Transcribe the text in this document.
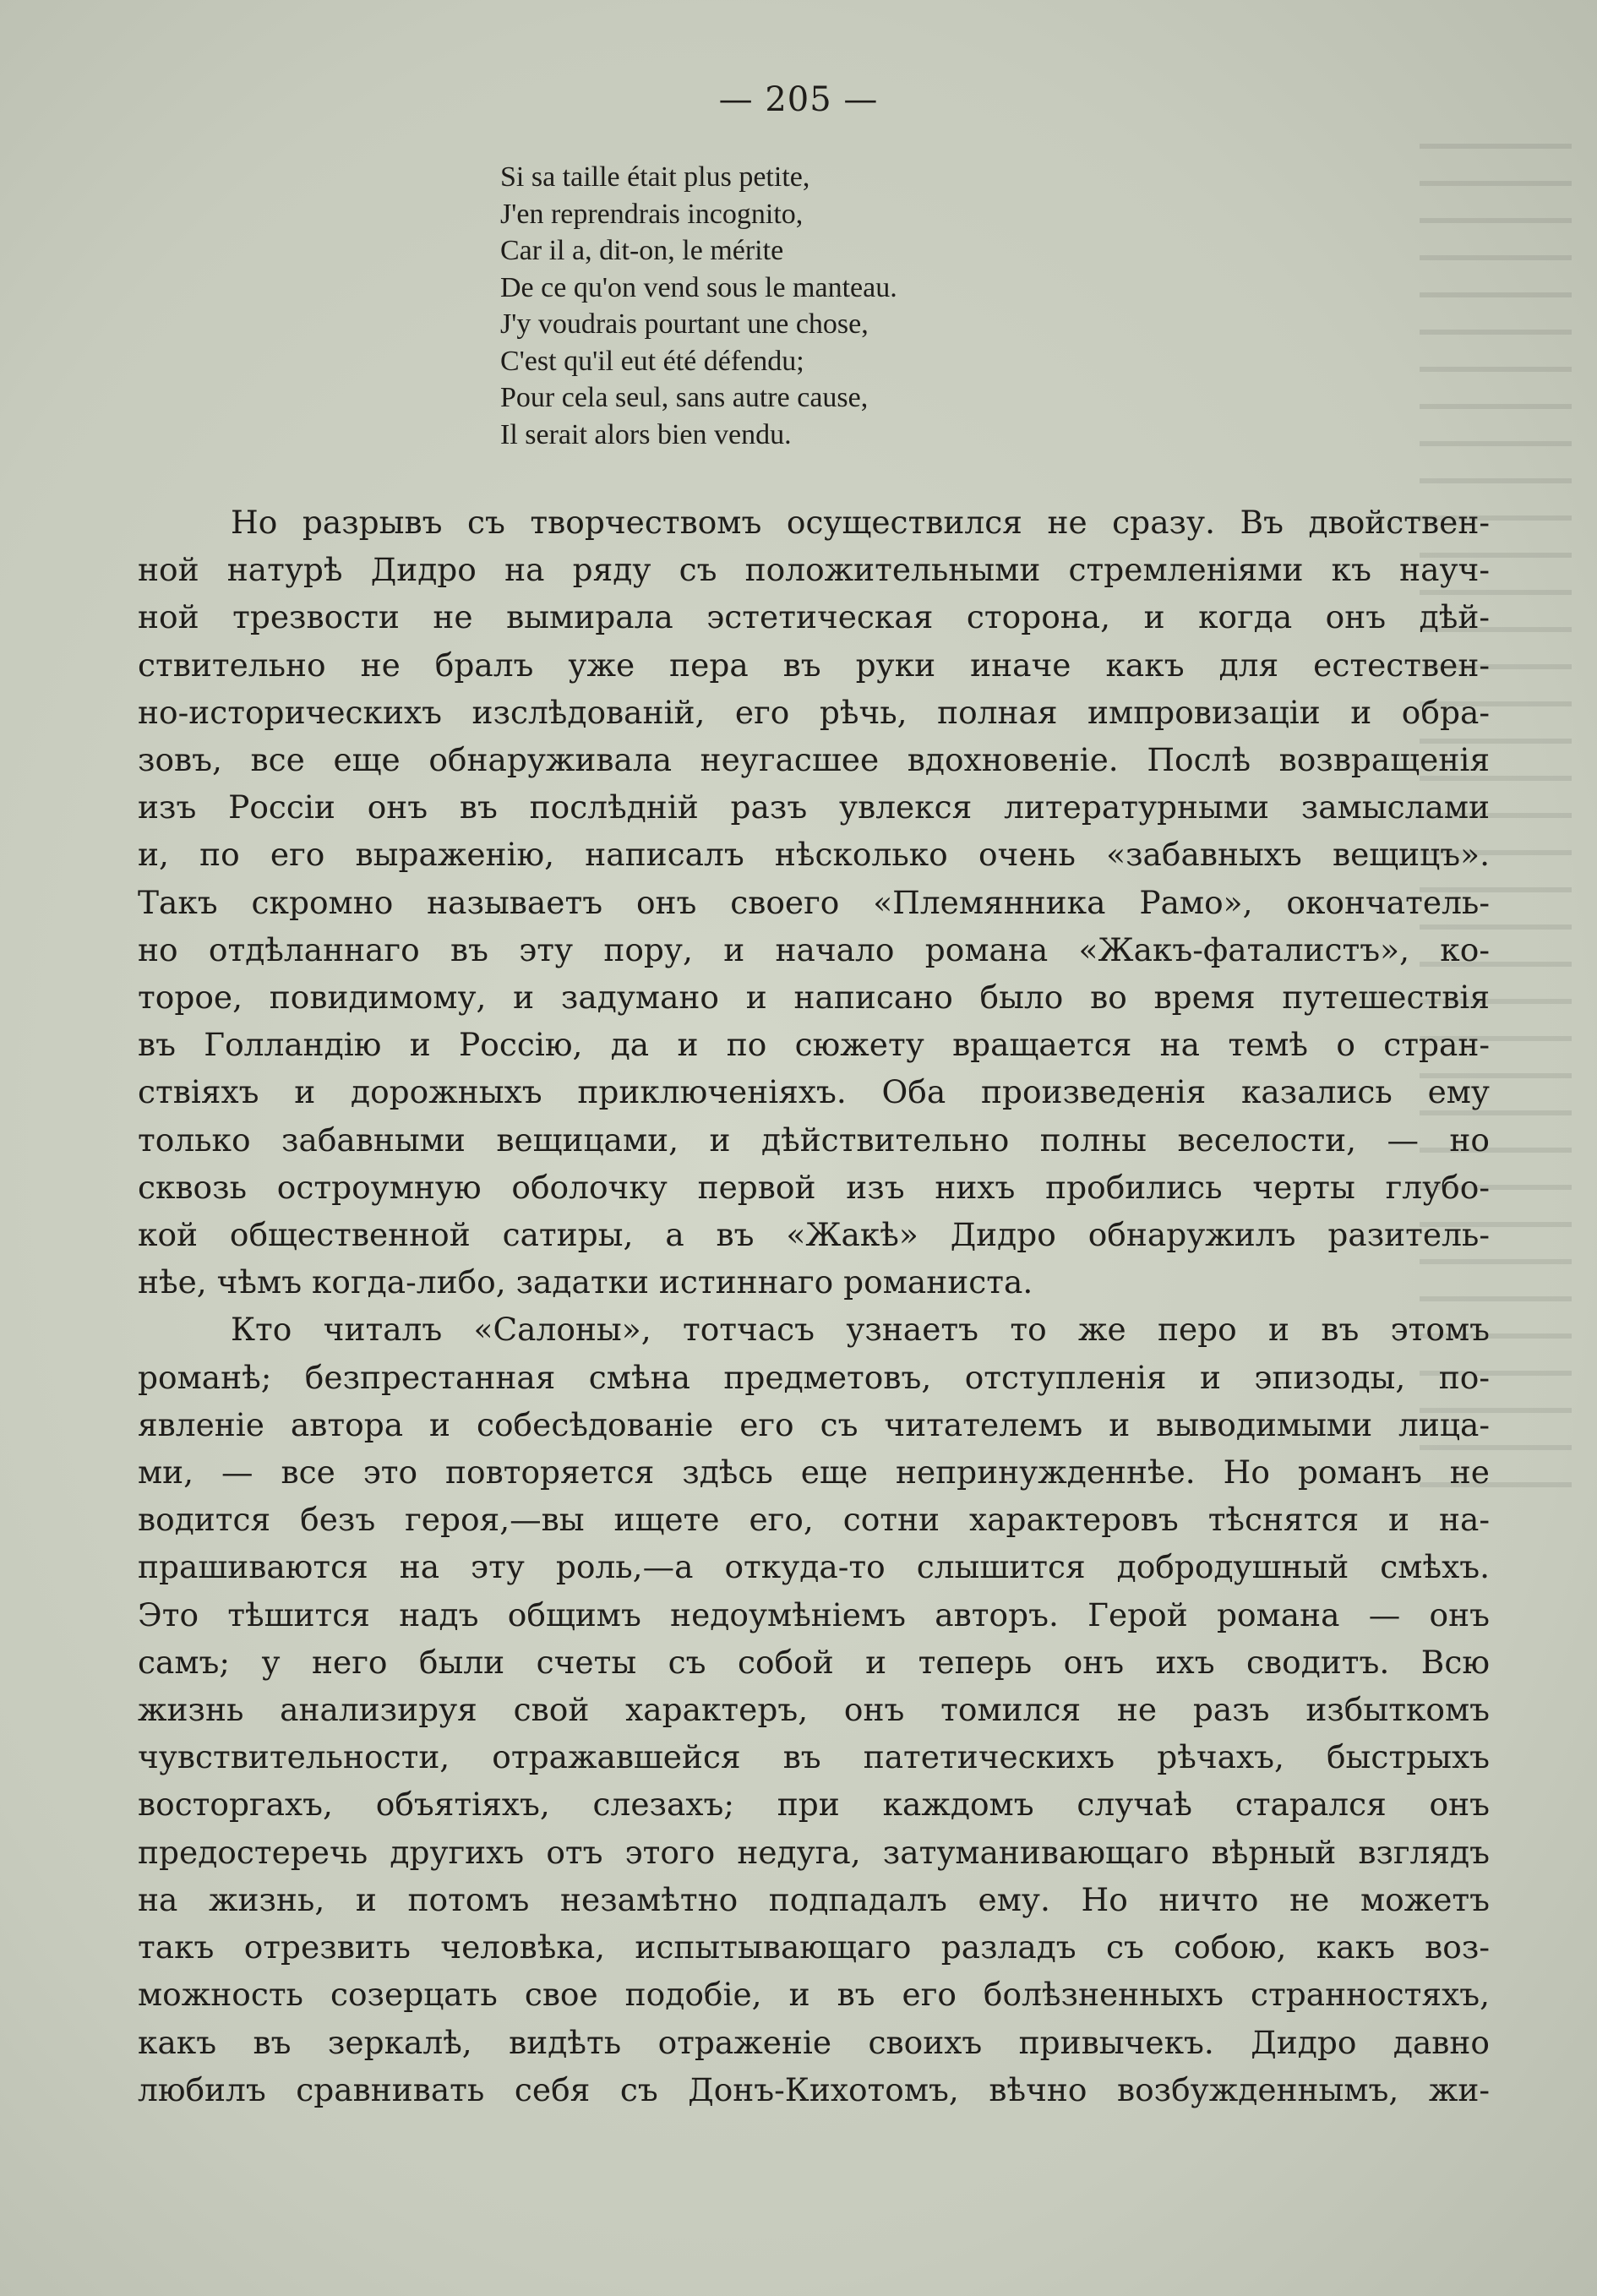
— 205 —
Si sa taille était plus petite,
J'en reprendrais incognito,
Car il a, dit-on, le mérite
De ce qu'on vend sous le manteau.
J'y voudrais pourtant une chose,
C'est qu'il eut été défendu;
Pour cela seul, sans autre cause,
Il serait alors bien vendu.
Но разрывъ съ творчествомъ осуществился не сразу. Въ двойствен-
ной натурѣ Дидро на ряду съ положительными стремленіями къ науч-
ной трезвости не вымирала эстетическая сторона, и когда онъ дѣй-
ствительно не бралъ уже пера въ руки иначе какъ для естествен-
но-историческихъ изслѣдованій, его рѣчь, полная импровизаціи и обра-
зовъ, все еще обнаруживала неугасшее вдохновеніе. Послѣ возвращенія
изъ Россіи онъ въ послѣдній разъ увлекся литературными замыслами
и, по его выраженію, написалъ нѣсколько очень «забавныхъ вещицъ».
Такъ скромно называетъ онъ своего «Племянника Рамо», окончатель-
но отдѣланнаго въ эту пору, и начало романа «Жакъ-фаталистъ», ко-
торое, повидимому, и задумано и написано было во время путешествія
въ Голландію и Россію, да и по сюжету вращается на темѣ о стран-
ствіяхъ и дорожныхъ приключеніяхъ. Оба произведенія казались ему
только забавными вещицами, и дѣйствительно полны веселости, — но
сквозь остроумную оболочку первой изъ нихъ пробились черты глубо-
кой общественной сатиры, а въ «Жакѣ» Дидро обнаружилъ разитель-
нѣе, чѣмъ когда-либо, задатки истиннаго романиста.
Кто читалъ «Салоны», тотчасъ узнаетъ то же перо и въ этомъ
романѣ; безпрестанная смѣна предметовъ, отступленія и эпизоды, по-
явленіе автора и собесѣдованіе его съ читателемъ и выводимыми лица-
ми, — все это повторяется здѣсь еще непринужденнѣе. Но романъ не
водится безъ героя,—вы ищете его, сотни характеровъ тѣснятся и на-
прашиваются на эту роль,—а откуда-то слышится добродушный смѣхъ.
Это тѣшится надъ общимъ недоумѣніемъ авторъ. Герой романа — онъ
самъ; у него были счеты съ собой и теперь онъ ихъ сводитъ. Всю
жизнь анализируя свой характеръ, онъ томился не разъ избыткомъ
чувствительности, отражавшейся въ патетическихъ рѣчахъ, быстрыхъ
восторгахъ, объятіяхъ, слезахъ; при каждомъ случаѣ старался онъ
предостеречь другихъ отъ этого недуга, затуманивающаго вѣрный взглядъ
на жизнь, и потомъ незамѣтно подпадалъ ему. Но ничто не можетъ
такъ отрезвить человѣка, испытывающаго разладъ съ собою, какъ воз-
можность созерцать свое подобіе, и въ его болѣзненныхъ странностяхъ,
какъ въ зеркалѣ, видѣть отраженіе своихъ привычекъ. Дидро давно
любилъ сравнивать себя съ Донъ-Кихотомъ, вѣчно возбужденнымъ, жи-
